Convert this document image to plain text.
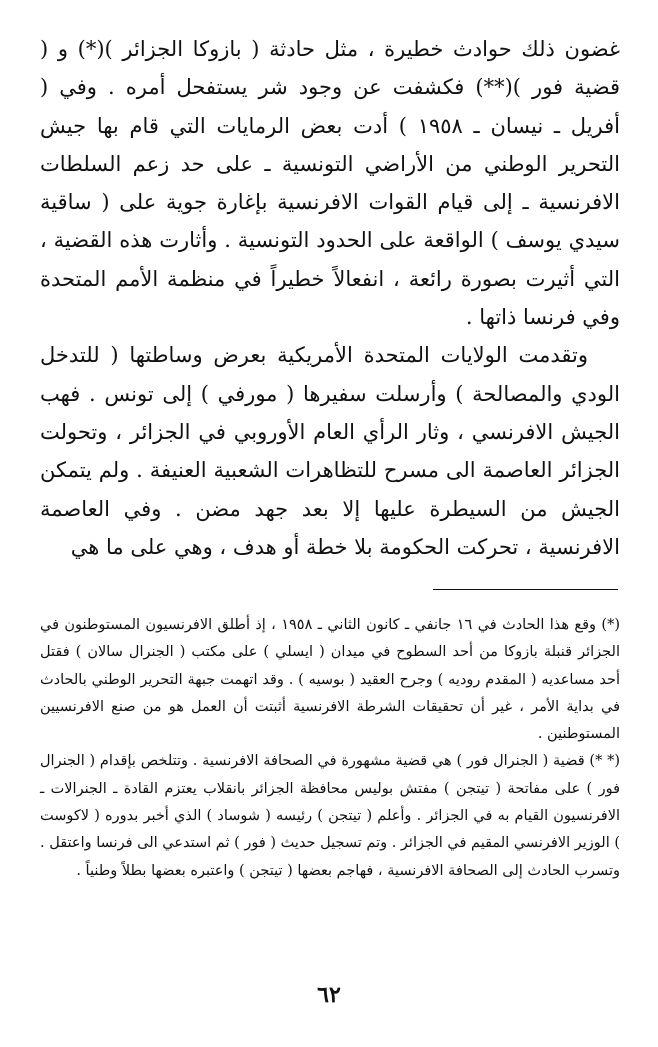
غضون ذلك حوادث خطيرة ، مثل حادثة ( بازوكا الجزائر )(*) و ( قضية فور )(**) فكشفت عن وجود شر يستفحل أمره . وفي ( أفريل ـ نيسان ـ ١٩٥٨ ) أدت بعض الرمايات التي قام بها جيش التحرير الوطني من الأراضي التونسية ـ على حد زعم السلطات الافرنسية ـ إلى قيام القوات الافرنسية بإغارة جوية على ( ساقية سيدي يوسف ) الواقعة على الحدود التونسية . وأثارت هذه القضية ، التي أثيرت بصورة رائعة ، انفعالاً خطيراً في منظمة الأمم المتحدة وفي فرنسا ذاتها .

وتقدمت الولايات المتحدة الأمريكية بعرض وساطتها ( للتدخل الودي والمصالحة ) وأرسلت سفيرها ( مورفي ) إلى تونس . فهب الجيش الافرنسي ، وثار الرأي العام الأوروبي في الجزائر ، وتحولت الجزائر العاصمة الى مسرح للتظاهرات الشعبية العنيفة . ولم يتمكن الجيش من السيطرة عليها إلا بعد جهد مضن . وفي العاصمة الافرنسية ، تحركت الحكومة بلا خطة أو هدف ، وهي على ما هي

(*) وقع هذا الحادث في ١٦ جانفي ـ كانون الثاني ـ ١٩٥٨ ، إذ أطلق الافرنسيون المستوطنون في الجزائر قنبلة بازوكا من أحد السطوح في ميدان ( ايسلي ) على مكتب ( الجنرال سالان ) فقتل أحد مساعديه ( المقدم روديه ) وجرح العقيد ( بوسيه ) . وقد اتهمت جبهة التحرير الوطني بالحادث في بداية الأمر ، غير أن تحقيقات الشرطة الافرنسية أثبتت أن العمل هو من صنع الافرنسيين المستوطنين .

(* *) قضية ( الجنرال فور ) هي قضية مشهورة في الصحافة الافرنسية . وتتلخص بإقدام ( الجنرال فور ) على مفاتحة ( تيتجن ) مفتش بوليس محافظة الجزائر بانقلاب يعتزم القادة ـ الجنرالات ـ الافرنسيون القيام به في الجزائر . وأعلم ( تيتجن ) رئيسه ( شوساد ) الذي أخبر بدوره ( لاكوست ) الوزير الافرنسي المقيم في الجزائر . وتم تسجيل حديث ( فور ) ثم استدعي الى فرنسا واعتقل . وتسرب الحادث إلى الصحافة الافرنسية ، فهاجم بعضها ( تيتجن ) واعتبره بعضها بطلاً وطنياً .

٦٢
